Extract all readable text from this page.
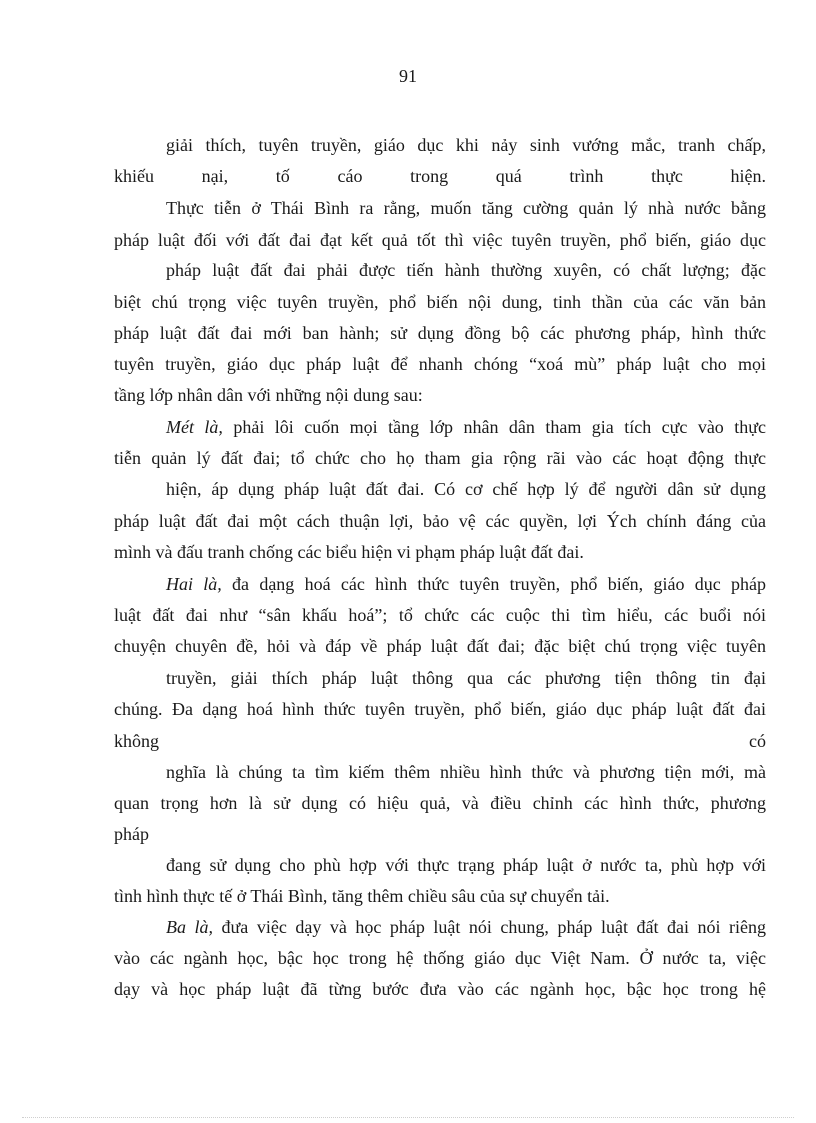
91
giải thích, tuyên truyền, giáo dục khi nảy sinh vướng mắc, tranh chấp,
khiếu nại, tố cáo trong quá trình thực hiện.
Thực tiễn ở Thái Bình ra rằng, muốn tăng cường quản lý nhà nước bằng
pháp luật đối với đất đai đạt kết quả tốt thì việc tuyên truyền, phổ biến, giáo dục
pháp luật đất đai phải được tiến hành thường xuyên, có chất lượng; đặc
biệt chú trọng việc tuyên truyền, phổ biến nội dung, tinh thần của các văn bản
pháp luật đất đai mới ban hành; sử dụng đồng bộ các phương pháp, hình thức
tuyên truyền, giáo dục pháp luật để nhanh chóng “xoá mù” pháp luật cho mọi
tầng lớp nhân dân với những nội dung sau:
Mét là, phải lôi cuốn mọi tầng lớp nhân dân tham gia tích cực vào thực
tiễn quản lý đất đai; tổ chức cho họ tham gia rộng rãi vào các hoạt động thực
hiện, áp dụng pháp luật đất đai. Có cơ chế hợp lý để người dân sử dụng
pháp luật đất đai một cách thuận lợi, bảo vệ các quyền, lợi Ých chính đáng của
mình và đấu tranh chống các biểu hiện vi phạm pháp luật đất đai.
Hai là, đa dạng hoá các hình thức tuyên truyền, phổ biến, giáo dục pháp
luật đất đai như “sân khấu hoá”; tổ chức các cuộc thi tìm hiểu, các buổi nói
chuyện chuyên đề, hỏi và đáp về pháp luật đất đai; đặc biệt chú trọng việc tuyên
truyền, giải thích pháp luật thông qua các phương tiện thông tin đại
chúng. Đa dạng hoá hình thức tuyên truyền, phổ biến, giáo dục pháp luật đất đai
không có
nghĩa là chúng ta tìm kiếm thêm nhiều hình thức và phương tiện mới, mà
quan trọng hơn là sử dụng có hiệu quả, và điều chỉnh các hình thức, phương
pháp
đang sử dụng cho phù hợp với thực trạng pháp luật ở nước ta, phù hợp với
tình hình thực tế ở Thái Bình, tăng thêm chiều sâu của sự chuyển tải.
Ba là, đưa việc dạy và học pháp luật nói chung, pháp luật đất đai nói riêng
vào các ngành học, bậc học trong hệ thống giáo dục Việt Nam. Ở nước ta, việc
dạy và học pháp luật đã từng bước đưa vào các ngành học, bậc học trong hệ
